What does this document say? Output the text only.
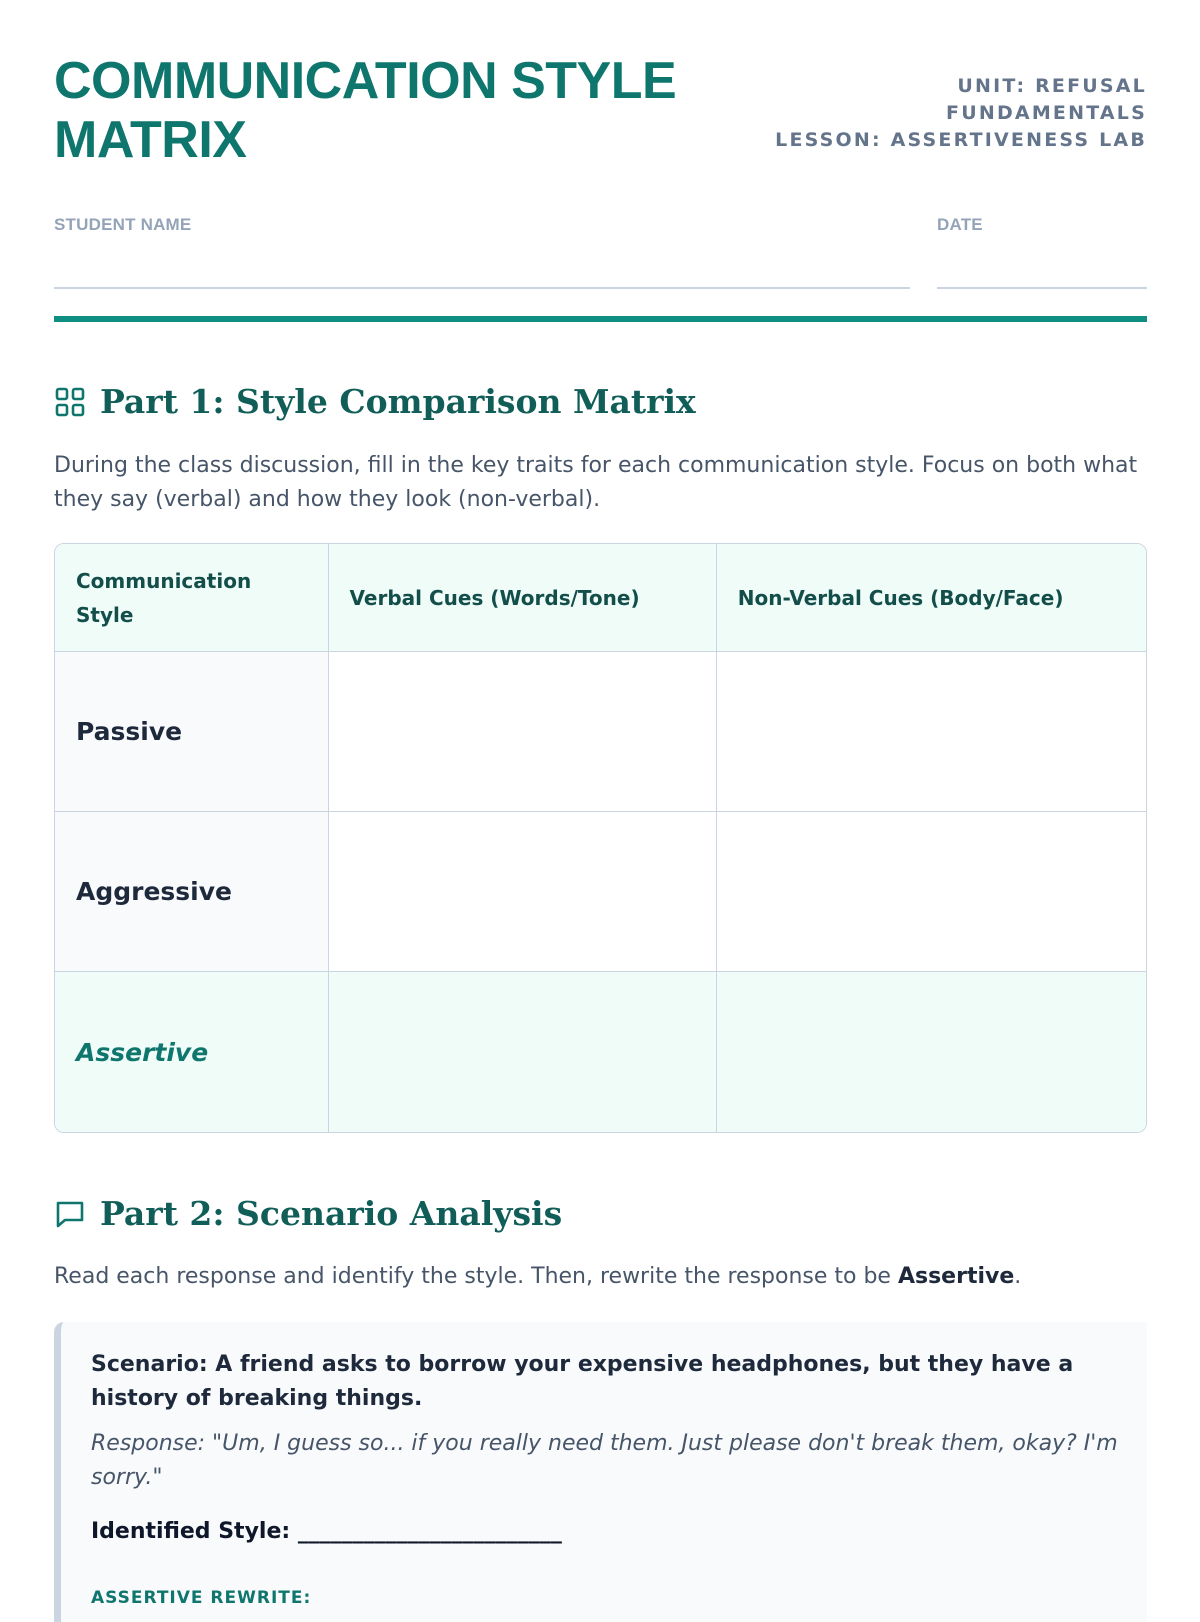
COMMUNICATION STYLE MATRIX
UNIT: REFUSAL
FUNDAMENTALS
LESSON: ASSERTIVENESS LAB
STUDENT NAME	DATE
Part 1: Style Comparison Matrix
During the class discussion, fill in the key traits for each communication style. Focus on both what they say (verbal) and how they look (non-verbal).
Communication Style
Verbal Cues (Words/Tone)	Non-Verbal Cues (Body/Face)
Passive
Aggressive
Assertive
Part 2: Scenario Analysis
Read each response and identify the style. Then, rewrite the response to be Assertive.
Scenario: A friend asks to borrow your expensive headphones, but they have a history of breaking things.
Response: "Um, I guess so... if you really need them. Just please don't break them, okay? I'm sorry."
Identified Style: ________________________
ASSERTIVE REWRITE:
